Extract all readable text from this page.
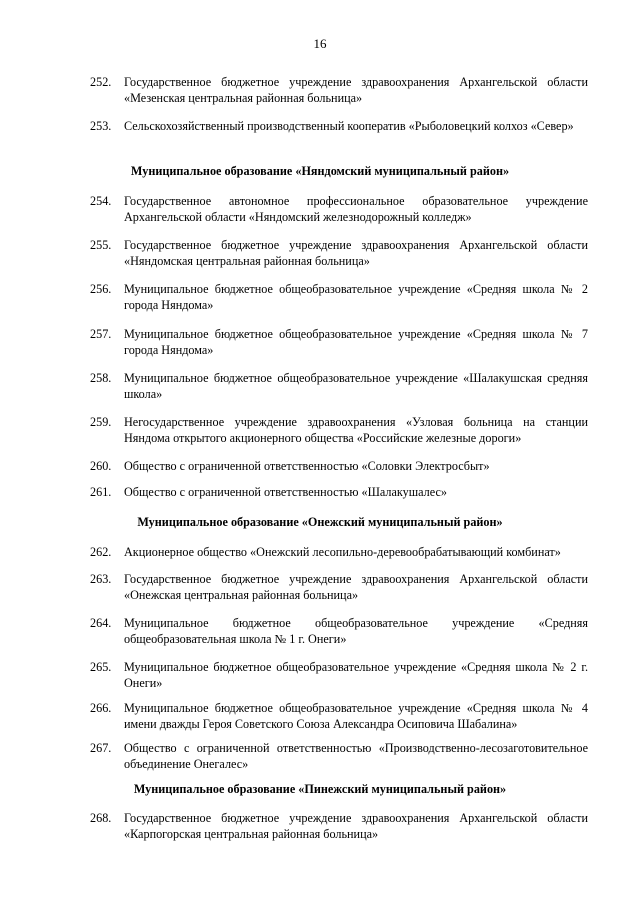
16
252.	Государственное бюджетное учреждение здравоохранения Архангельской области «Мезенская центральная районная больница»
253.	Сельскохозяйственный производственный кооператив «Рыболовецкий колхоз «Север»
Муниципальное образование «Няндомский муниципальный район»
254.	Государственное автономное профессиональное образовательное учреждение Архангельской области «Няндомский железнодорожный колледж»
255.	Государственное бюджетное учреждение здравоохранения Архангельской области «Няндомская центральная районная больница»
256.	Муниципальное бюджетное общеобразовательное учреждение «Средняя школа № 2 города Няндома»
257.	Муниципальное бюджетное общеобразовательное учреждение «Средняя школа № 7 города Няндома»
258.	Муниципальное бюджетное общеобразовательное учреждение «Шалакушская средняя школа»
259.	Негосударственное учреждение здравоохранения «Узловая больница на станции Няндома открытого акционерного общества «Российские железные дороги»
260.	Общество с ограниченной ответственностью «Соловки Электросбыт»
261.	Общество с ограниченной ответственностью «Шалакушалес»
Муниципальное образование «Онежский муниципальный район»
262.	Акционерное общество «Онежский лесопильно-деревообрабатывающий комбинат»
263.	Государственное бюджетное учреждение здравоохранения Архангельской области «Онежская центральная районная больница»
264.	Муниципальное бюджетное общеобразовательное учреждение «Средняя общеобразовательная школа № 1 г. Онеги»
265.	Муниципальное бюджетное общеобразовательное учреждение «Средняя школа № 2 г. Онеги»
266.	Муниципальное бюджетное общеобразовательное учреждение «Средняя школа № 4 имени дважды Героя Советского Союза Александра Осиповича Шабалина»
267.	Общество с ограниченной ответственностью «Производственно-лесозаготовительное объединение Онегалес»
Муниципальное образование «Пинежский муниципальный район»
268.	Государственное бюджетное учреждение здравоохранения Архангельской области «Карпогорская центральная районная больница»
